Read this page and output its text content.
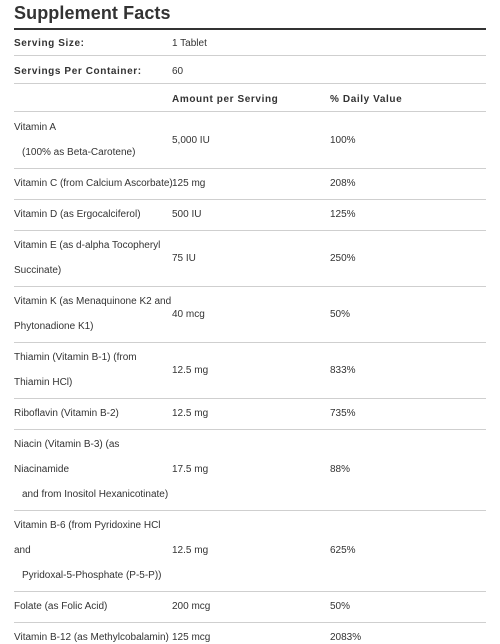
Supplement Facts
Serving Size:	1 Tablet
Servings Per Container:	60
Amount per Serving	% Daily Value
Vitamin A
(100% as Beta-Carotene)
5,000 IU	100%
Vitamin C (from Calcium Ascorbate) 125 mg	208%
Vitamin D (as Ergocalciferol)	500 IU	125%
Vitamin E (as d-alpha Tocopheryl
Succinate)
75 IU	250%
Vitamin K (as Menaquinone K2 and
Phytonadione K1)
40 mcg	50%
Thiamin (Vitamin B-1) (from
Thiamin HCl)
12.5 mg	833%
Riboflavin (Vitamin B-2)	12.5 mg	735%
Niacin (Vitamin B-3) (as
Niacinamide
and from Inositol Hexanicotinate)
17.5 mg	88%
Vitamin B-6 (from Pyridoxine HCl
and
Pyridoxal-5-Phosphate (P-5-P))
12.5 mg	625%
Folate (as Folic Acid)	200 mcg	50%
Vitamin B-12 (as Methylcobalamin) 125 mcg	2083%
